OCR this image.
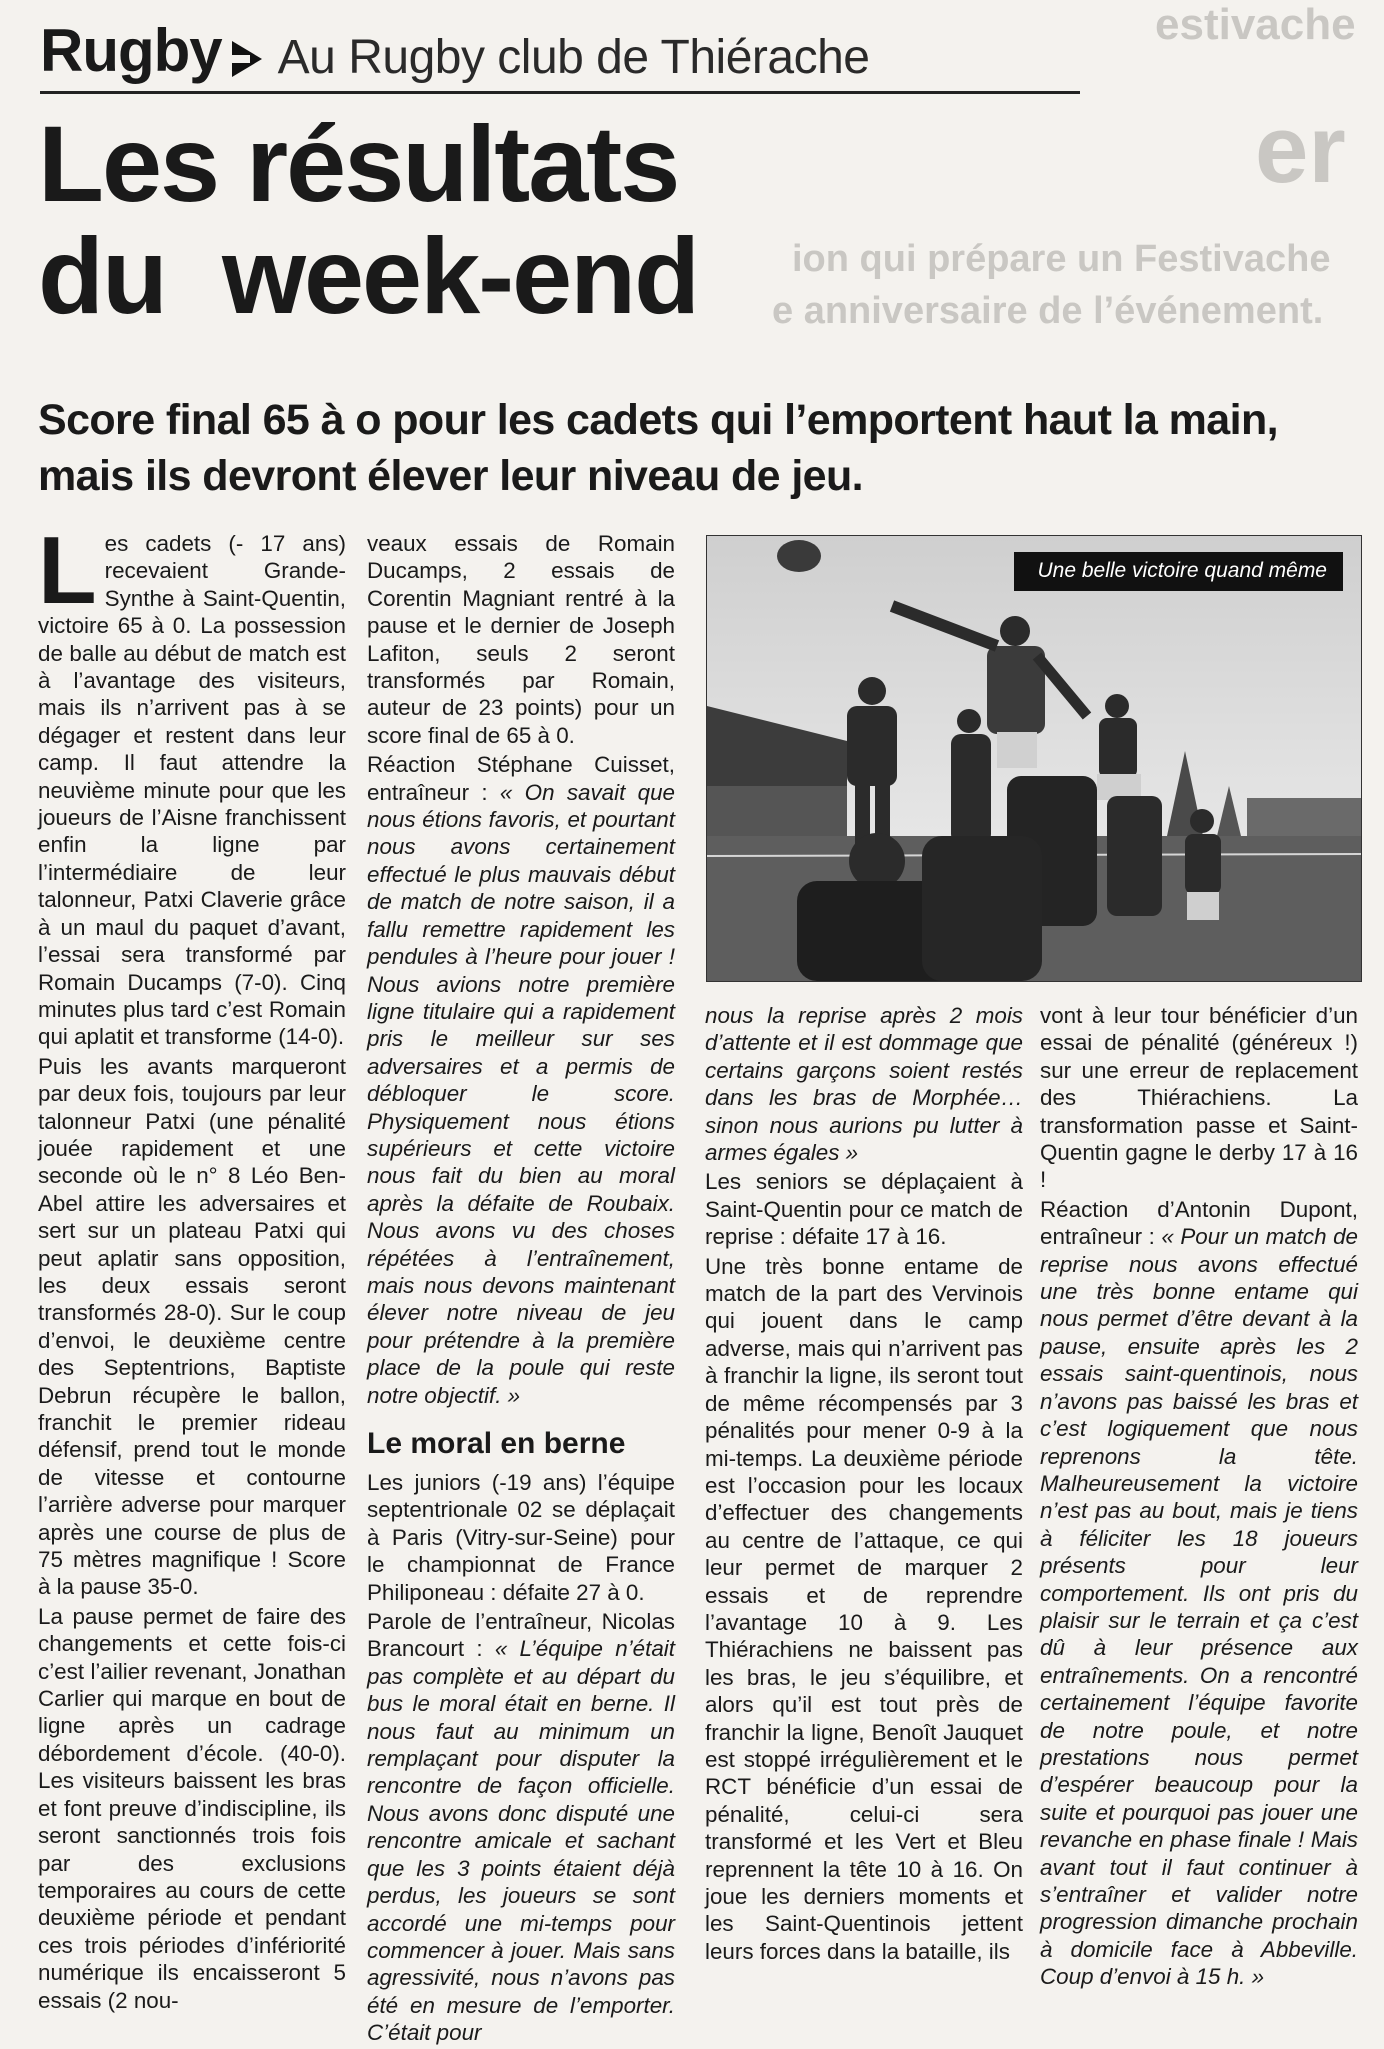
estivache
er
ion qui prépare un Festivache
e anniversaire de l’événement.
Rugby Au Rugby club de Thiérache
Les résultats
du  week-end
Score final 65 à o pour les cadets qui l’emportent haut la main,
mais ils devront élever leur niveau de jeu.

Les cadets (- 17 ans) recevaient Grande-Synthe à Saint-Quentin, victoire 65 à 0. La possession de balle au début de match est à l’avantage des visiteurs, mais ils n’arrivent pas à se dégager et restent dans leur camp. Il faut attendre la neuvième minute pour que les joueurs de l’Aisne franchissent enfin la ligne par l’intermédiaire de leur talonneur, Patxi Claverie grâce à un maul du paquet d’avant, l’essai sera transformé par Romain Ducamps (7-0). Cinq minutes plus tard c’est Romain qui aplatit et transforme (14-0).

Puis les avants marqueront par deux fois, toujours par leur talonneur Patxi (une pénalité jouée rapidement et une seconde où le n° 8 Léo Ben-Abel attire les adversaires et sert sur un plateau Patxi qui peut aplatir sans opposition, les deux essais seront transformés 28-0). Sur le coup d’envoi, le deuxième centre des Septentrions, Baptiste Debrun récupère le ballon, franchit le premier rideau défensif, prend tout le monde de vitesse et contourne l’arrière adverse pour marquer après une course de plus de 75 mètres magnifique ! Score à la pause 35-0.

La pause permet de faire des changements et cette fois-ci c’est l’ailier revenant, Jonathan Carlier qui marque en bout de ligne après un cadrage débordement d’école. (40-0). Les visiteurs baissent les bras et font preuve d’indiscipline, ils seront sanctionnés trois fois par des exclusions temporaires au cours de cette deuxième période et pendant ces trois périodes d’infériorité numérique ils encaisseront 5 essais (2 nou-

veaux essais de Romain Ducamps, 2 essais de Corentin Magniant rentré à la pause et le dernier de Joseph Lafiton, seuls 2 seront transformés par Romain, auteur de 23 points) pour un score final de 65 à 0.

Réaction Stéphane Cuisset, entraîneur : « On savait que nous étions favoris, et pourtant nous avons certainement effectué le plus mauvais début de match de notre saison, il a fallu remettre rapidement les pendules à l’heure pour jouer ! Nous avions notre première ligne titulaire qui a rapidement pris le meilleur sur ses adversaires et a permis de débloquer le score. Physiquement nous étions supérieurs et cette victoire nous fait du bien au moral après la défaite de Roubaix. Nous avons vu des choses répétées à l’entraînement, mais nous devons maintenant élever notre niveau de jeu pour prétendre à la première place de la poule qui reste notre objectif. »

Le moral en berne

Les juniors (-19 ans) l’équipe septentrionale 02 se déplaçait à Paris (Vitry-sur-Seine) pour le championnat de France Philiponeau : défaite 27 à 0.

Parole de l’entraîneur, Nicolas Brancourt : « L’équipe n’était pas complète et au départ du bus le moral était en berne. Il nous faut au minimum un remplaçant pour disputer la rencontre de façon officielle. Nous avons donc disputé une rencontre amicale et sachant que les 3 points étaient déjà perdus, les joueurs se sont accordé une mi-temps pour commencer à jouer. Mais sans agressivité, nous n’avons pas été en mesure de l’emporter. C’était pour

Une belle victoire quand même

nous la reprise après 2 mois d’attente et il est dommage que certains garçons soient restés dans les bras de Morphée… sinon nous aurions pu lutter à armes égales »

Les seniors se déplaçaient à Saint-Quentin pour ce match de reprise : défaite 17 à 16.

Une très bonne entame de match de la part des Vervinois qui jouent dans le camp adverse, mais qui n’arrivent pas à franchir la ligne, ils seront tout de même récompensés par 3 pénalités pour mener 0-9 à la mi-temps. La deuxième période est l’occasion pour les locaux d’effectuer des changements au centre de l’attaque, ce qui leur permet de marquer 2 essais et de reprendre l’avantage 10 à 9. Les Thiérachiens ne baissent pas les bras, le jeu s’équilibre, et alors qu’il est tout près de franchir la ligne, Benoît Jauquet est stoppé irrégulièrement et le RCT bénéficie d’un essai de pénalité, celui-ci sera transformé et les Vert et Bleu reprennent la tête 10 à 16. On joue les derniers moments et les Saint-Quentinois jettent leurs forces dans la bataille, ils

vont à leur tour bénéficier d’un essai de pénalité (généreux !) sur une erreur de replacement des Thiérachiens. La transformation passe et Saint-Quentin gagne le derby 17 à 16 !

Réaction d’Antonin Dupont, entraîneur : « Pour un match de reprise nous avons effectué une très bonne entame qui nous permet d’être devant à la pause, ensuite après les 2 essais saint-quentinois, nous n’avons pas baissé les bras et c’est logiquement que nous reprenons la tête. Malheureusement la victoire n’est pas au bout, mais je tiens à féliciter les 18 joueurs présents pour leur comportement. Ils ont pris du plaisir sur le terrain et ça c’est dû à leur présence aux entraînements. On a rencontré certainement l’équipe favorite de notre poule, et notre prestations nous permet d’espérer beaucoup pour la suite et pourquoi pas jouer une revanche en phase finale ! Mais avant tout il faut continuer à s’entraîner et valider notre progression dimanche prochain à domicile face à Abbeville. Coup d’envoi à 15 h. »
